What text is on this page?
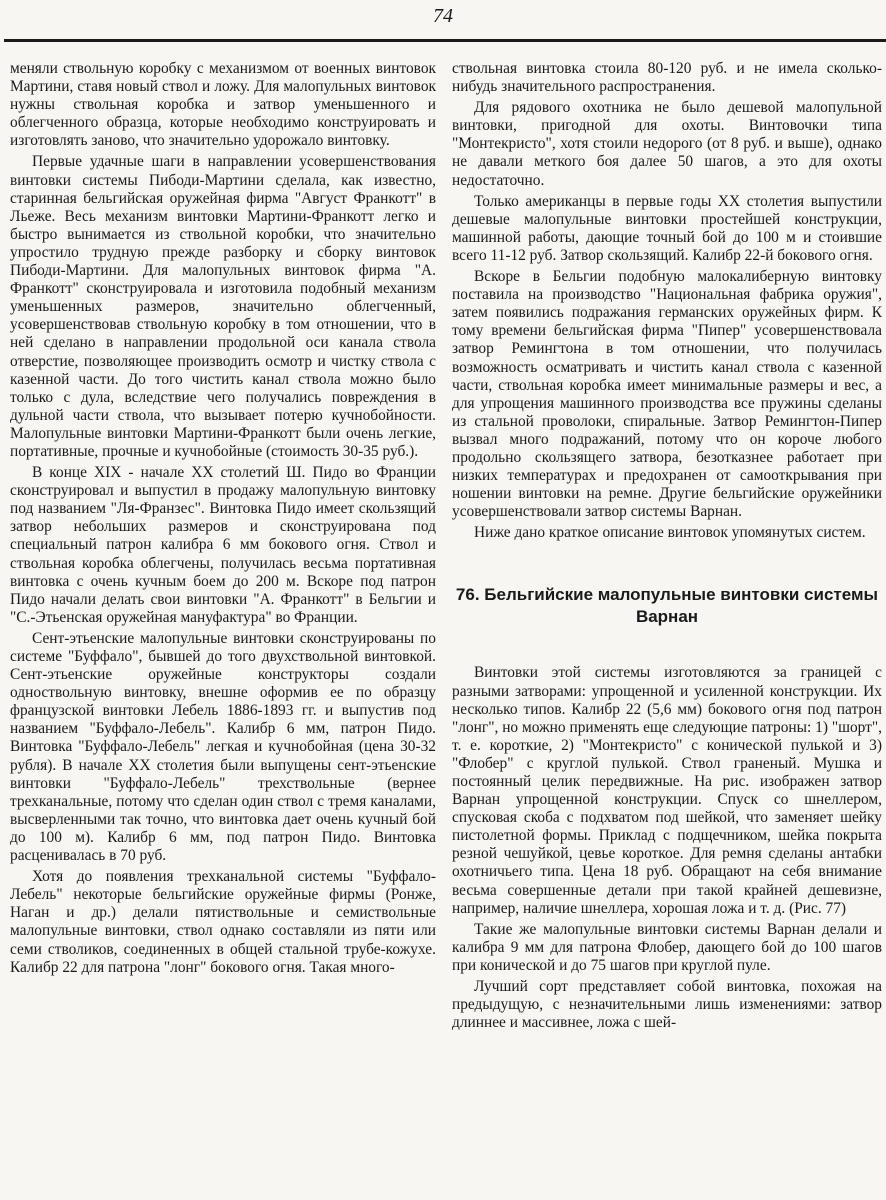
74

меняли ствольную коробку с механизмом от военных винтовок Мартини, ставя новый ствол и ложу. Для малопульных винтовок нужны ствольная коробка и затвор уменьшенного и облегченного образца, которые необходимо конструировать и изготовлять заново, что значительно удорожало винтовку.

Первые удачные шаги в направлении усовершенствования винтовки системы Пибоди-Мартини сделала, как известно, старинная бельгийская оружейная фирма "Август Франкотт" в Льеже. Весь механизм винтовки Мартини-Франкотт легко и быстро вынимается из ствольной коробки, что значительно упростило трудную прежде разборку и сборку винтовок Пибоди-Мартини. Для малопульных винтовок фирма "А. Франкотт" сконструировала и изготовила подобный механизм уменьшенных размеров, значительно облегченный, усовершенствовав ствольную коробку в том отношении, что в ней сделано в направлении продольной оси канала ствола отверстие, позволяющее производить осмотр и чистку ствола с казенной части. До того чистить канал ствола можно было только с дула, вследствие чего получались повреждения в дульной части ствола, что вызывает потерю кучнобойности. Малопульные винтовки Мартини-Франкотт были очень легкие, портативные, прочные и кучнобойные (стоимость 30-35 руб.).

В конце XIX - начале XX столетий Ш. Пидо во Франции сконструировал и выпустил в продажу малопульную винтовку под названием "Ля-Франзес". Винтовка Пидо имеет скользящий затвор небольших размеров и сконструирована под специальный патрон калибра 6 мм бокового огня. Ствол и ствольная коробка облегчены, получилась весьма портативная винтовка с очень кучным боем до 200 м. Вскоре под патрон Пидо начали делать свои винтовки "А. Франкотт" в Бельгии и "С.-Этьенская оружейная мануфактура" во Франции.

Сент-этьенские малопульные винтовки сконструированы по системе "Буффало", бывшей до того двухствольной винтовкой. Сент-этьенские оружейные конструкторы создали одноствольную винтовку, внешне оформив ее по образцу французской винтовки Лебель 1886-1893 гг. и выпустив под названием "Буффало-Лебель". Калибр 6 мм, патрон Пидо. Винтовка "Буффало-Лебель" легкая и кучнобойная (цена 30-32 рубля). В начале XX столетия были выпущены сент-этьенские винтовки "Буффало-Лебель" трехствольные (вернее трехканальные, потому что сделан один ствол с тремя каналами, высверленными так точно, что винтовка дает очень кучный бой до 100 м). Калибр 6 мм, под патрон Пидо. Винтовка расценивалась в 70 руб.

Хотя до появления трехканальной системы "Буффало-Лебель" некоторые бельгийские оружейные фирмы (Ронже, Наган и др.) делали пятиствольные и семиствольные малопульные винтовки, ствол однако составляли из пяти или семи стволиков, соединенных в общей стальной трубе-кожухе. Калибр 22 для патрона "лонг" бокового огня. Такая много-

ствольная винтовка стоила 80-120 руб. и не имела сколько-нибудь значительного распространения.

Для рядового охотника не было дешевой малопульной винтовки, пригодной для охоты. Винтовочки типа "Монтекристо", хотя стоили недорого (от 8 руб. и выше), однако не давали меткого боя далее 50 шагов, а это для охоты недостаточно.

Только американцы в первые годы XX столетия выпустили дешевые малопульные винтовки простейшей конструкции, машинной работы, дающие точный бой до 100 м и стоившие всего 11-12 руб. Затвор скользящий. Калибр 22-й бокового огня.

Вскоре в Бельгии подобную малокалиберную винтовку поставила на производство "Национальная фабрика оружия", затем появились подражания германских оружейных фирм. К тому времени бельгийская фирма "Пипер" усовершенствовала затвор Ремингтона в том отношении, что получилась возможность осматривать и чистить канал ствола с казенной части, ствольная коробка имеет минимальные размеры и вес, а для упрощения машинного производства все пружины сделаны из стальной проволоки, спиральные. Затвор Ремингтон-Пипер вызвал много подражаний, потому что он короче любого продольно скользящего затвора, безотказнее работает при низких температурах и предохранен от самооткрывания при ношении винтовки на ремне. Другие бельгийские оружейники усовершенствовали затвор системы Варнан.

Ниже дано краткое описание винтовок упомянутых систем.

76. Бельгийские малопульные винтовки системы Варнан

Винтовки этой системы изготовляются за границей с разными затворами: упрощенной и усиленной конструкции. Их несколько типов. Калибр 22 (5,6 мм) бокового огня под патрон "лонг", но можно применять еще следующие патроны: 1) "шорт", т. е. короткие, 2) "Монтекристо" с конической пулькой и 3) "Флобер" с круглой пулькой. Ствол граненый. Мушка и постоянный целик передвижные. На рис. изображен затвор Варнан упрощенной конструкции. Спуск со шнеллером, спусковая скоба с подхватом под шейкой, что заменяет шейку пистолетной формы. Приклад с подщечником, шейка покрыта резной чешуйкой, цевье короткое. Для ремня сделаны антабки охотничьего типа. Цена 18 руб. Обращают на себя внимание весьма совершенные детали при такой крайней дешевизне, например, наличие шнеллера, хорошая ложа и т. д. (Рис. 77)

Такие же малопульные винтовки системы Варнан делали и калибра 9 мм для патрона Флобер, дающего бой до 100 шагов при конической и до 75 шагов при круглой пуле.

Лучший сорт представляет собой винтовка, похожая на предыдущую, с незначительными лишь изменениями: затвор длиннее и массивнее, ложа с шей-
